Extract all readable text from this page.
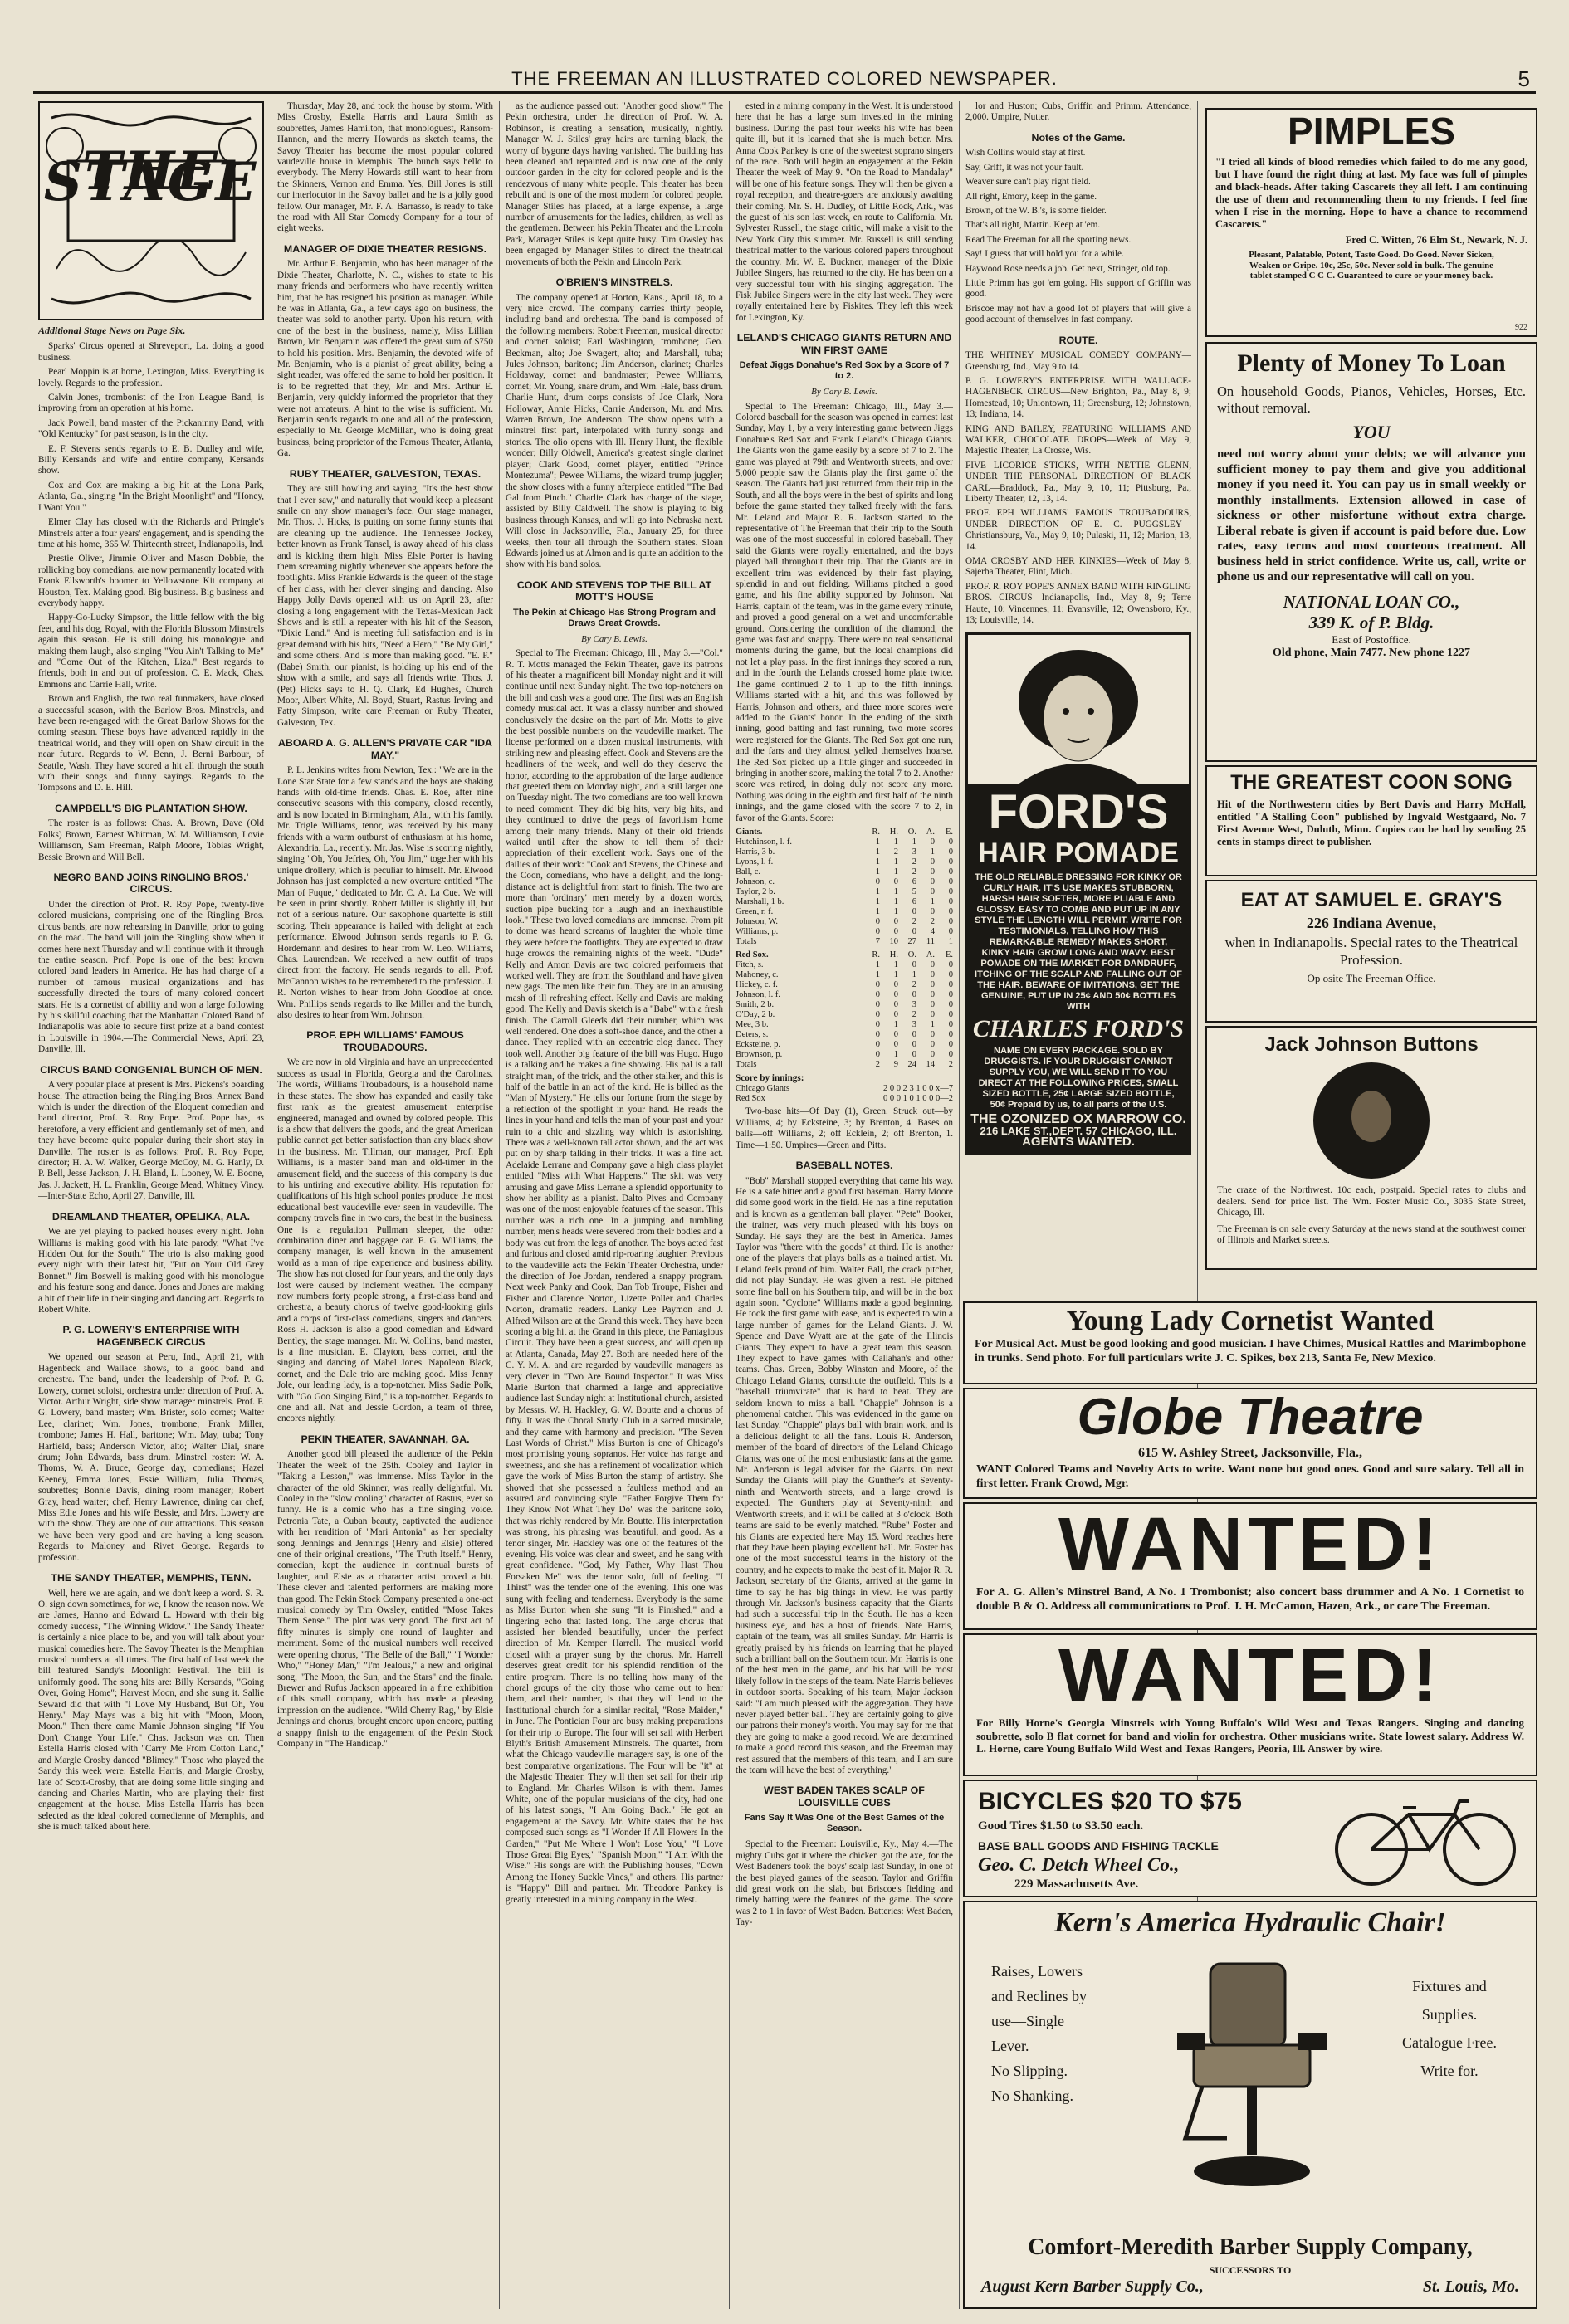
THE FREEMAN AN ILLUSTRATED COLORED NEWSPAPER.	5
THE STAGE
Additional Stage News on Page Six.

Sparks' Circus opened at Shreveport, La. doing a good business.

Pearl Moppin is at home, Lexington, Miss. Everything is lovely. Regards to the profession.

Calvin Jones, trombonist of the Iron League Band, is improving from an operation at his home.

Jack Powell, band master of the Pickaninny Band, with "Old Kentucky" for past season, is in the city.

E. F. Stevens sends regards to E. B. Dudley and wife, Billy Kersands and wife and entire company, Kersands show.

Cox and Cox are making a big hit at the Lona Park, Atlanta, Ga., singing "In the Bright Moonlight" and "Honey, I Want You."

Elmer Clay has closed with the Richards and Pringle's Minstrels after a four years' engagement, and is spending the time at his home, 365 W. Thirteenth street, Indianapolis, Ind.

Prestie Oliver, Jimmie Oliver and Mason Dobbie, the rollicking boy comedians, are now permanently located with Frank Ellsworth's boomer to Yellowstone Kit company at Houston, Tex. Making good. Big business. Big business and everybody happy.

Happy-Go-Lucky Simpson, the little fellow with the big feet, and his dog, Royal, with the Florida Blossom Minstrels again this season. He is still doing his monologue and making them laugh, also singing "You Ain't Talking to Me" and "Come Out of the Kitchen, Liza." Best regards to friends, both in and out of profession. C. E. Mack, Chas. Emmons and Carrie Hall, write.

Brown and English, the two real funmakers, have closed a successful season, with the Barlow Bros. Minstrels, and have been re-engaged with the Great Barlow Shows for the coming season. These boys have advanced rapidly in the theatrical world, and they will open on Shaw circuit in the near future. Regards to W. Benn, J. Berni Barbour, of Seattle, Wash. They have scored a hit all through the south with their songs and funny sayings. Regards to the Tompsons and D. E. Hill.

CAMPBELL'S BIG PLANTATION SHOW.

The roster is as follows: Chas. A. Brown, Dave (Old Folks) Brown, Earnest Whitman, W. M. Williamson, Lovie Williamson, Sam Freeman, Ralph Moore, Tobias Wright, Bessie Brown and Will Bell.

NEGRO BAND JOINS RINGLING BROS.' CIRCUS.

Under the direction of Prof. R. Roy Pope, twenty-five colored musicians, comprising one of the Ringling Bros. circus bands, are now rehearsing in Danville, prior to going on the road. The band will join the Ringling show when it comes here next Thursday and will continue with it through the entire season. Prof. Pope is one of the best known colored band leaders in America. He has had charge of a number of famous musical organizations and has successfully directed the tours of many colored concert stars. He is a cornetist of ability and won a large following by his skillful coaching that the Manhattan Colored Band of Indianapolis was able to secure first prize at a band contest in Louisville in 1904.—The Commercial News, April 23, Danville, Ill.

CIRCUS BAND CONGENIAL BUNCH OF MEN.

A very popular place at present is Mrs. Pickens's boarding house. The attraction being the Ringling Bros. Annex Band which is under the direction of the Eloquent comedian and band director, Prof. R. Roy Pope. Prof. Pope has, as heretofore, a very efficient and gentlemanly set of men, and they have become quite popular during their short stay in Danville. The roster is as follows: Prof. R. Roy Pope, director; H. A. W. Walker, George McCoy, M. G. Hanly, D. P. Bell, Jesse Jackson, J. H. Bland, L. Looney, W. E. Boone, Jas. J. Jackett, H. L. Franklin, George Mead, Whitney Viney.—Inter-State Echo, April 27, Danville, Ill.

DREAMLAND THEATER, OPELIKA, ALA.

We are yet playing to packed houses every night. John Williams is making good with his late parody, "What I've Hidden Out for the South." The trio is also making good every night with their latest hit, "Put on Your Old Grey Bonnet." Jim Boswell is making good with his monologue and his feature song and dance. Jones and Jones are making a hit of their life in their singing and dancing act. Regards to Robert White.

P. G. LOWERY'S ENTERPRISE WITH HAGENBECK CIRCUS

We opened our season at Peru, Ind., April 21, with Hagenbeck and Wallace shows, to a good band and orchestra. The band, under the leadership of Prof. P. G. Lowery, cornet soloist, orchestra under direction of Prof. A. Victor. Arthur Wright, side show manager minstrels. Prof. P. G. Lowery, band master; Wm. Brister, solo cornet; Walter Lee, clarinet; Wm. Jones, trombone; Frank Miller, trombone; James H. Hall, baritone; Wm. May, tuba; Tony Harfield, bass; Anderson Victor, alto; Walter Dial, snare drum; John Edwards, bass drum. Minstrel roster: W. A. Thoms, W. A. Bruce, George day, comedians; Hazel Keeney, Emma Jones, Essie William, Julia Thomas, soubrettes; Bonnie Davis, dining room manager; Robert Gray, head waiter; chef, Henry Lawrence, dining car chef, Miss Edie Jones and his wife Bessie, and Mrs. Lowery are with the show. They are one of our attractions. This season we have been very good and are having a long season. Regards to Maloney and Rivet George. Regards to profession.

THE SANDY THEATER, MEMPHIS, TENN.

Well, here we are again, and we don't keep a word. S. R. O. sign down sometimes, for we, I know the reason now. We are James, Hanno and Edward L. Howard with their big comedy success, "The Winning Widow." The Sandy Theater is certainly a nice place to be, and you will talk about your musical comedies here. The Savoy Theater is the Memphian musical numbers at all times. The first half of last week the bill featured Sandy's Moonlight Festival. The bill is uniformly good. The song hits are: Billy Kersands, "Going Over, Going Home"; Harvest Moon, and she sung it. Sallie Seward did that with "I Love My Husband, But Oh, You Henry." May Mays was a big hit with "Moon, Moon, Moon." Then there came Mamie Johnson singing "If You Don't Change Your Life." Chas. Jackson was on. Then Estella Harris closed with "Carry Me From Cotton Land," and Margie Crosby danced "Blimey." Those who played the Sandy this week were: Estella Harris, and Margie Crosby, late of Scott-Crosby, that are doing some little singing and dancing and Charles Martin, who are playing their first engagement at the house. Miss Estella Harris has been selected as the ideal colored comedienne of Memphis, and she is much talked about here.

Thursday, May 28, and took the house by storm. With Miss Crosby, Estella Harris and Laura Smith as soubrettes, James Hamilton, that monologuest, Ransom-Hannon, and the merry Howards as sketch teams, the Savoy Theater has become the most popular colored vaudeville house in Memphis. The bunch says hello to everybody. The Merry Howards still want to hear from the Skinners, Vernon and Emma. Yes, Bill Jones is still our interlocutor in the Savoy ballet and he is a jolly good fellow. Our manager, Mr. F. A. Barrasso, is ready to take the road with All Star Comedy Company for a tour of eight weeks.

MANAGER OF DIXIE THEATER RESIGNS.

Mr. Arthur E. Benjamin, who has been manager of the Dixie Theater, Charlotte, N. C., wishes to state to his many friends and performers who have recently written him, that he has resigned his position as manager. While he was in Atlanta, Ga., a few days ago on business, the theater was sold to another party. Upon his return, with one of the best in the business, namely, Miss Lillian Brown, Mr. Benjamin was offered the great sum of $750 to hold his position. Mrs. Benjamin, the devoted wife of Mr. Benjamin, who is a pianist of great ability, being a sight reader, was offered the same to hold her position. It is to be regretted that they, Mr. and Mrs. Arthur E. Benjamin, very quickly informed the proprietor that they were not amateurs. A hint to the wise is sufficient. Mr. Benjamin sends regards to one and all of the profession, especially to Mr. George McMillan, who is doing great business, being proprietor of the Famous Theater, Atlanta, Ga.

RUBY THEATER, GALVESTON, TEXAS.

They are still howling and saying, "It's the best show that I ever saw," and naturally that would keep a pleasant smile on any show manager's face. Our stage manager, Mr. Thos. J. Hicks, is putting on some funny stunts that are cleaning up the audience. The Tennessee Jockey, better known as Frank Tansel, is away ahead of his class and is kicking them high. Miss Elsie Porter is having them screaming nightly whenever she appears before the footlights. Miss Frankie Edwards is the queen of the stage of her class, with her clever singing and dancing. Also Happy Jolly Davis opened with us on April 23, after closing a long engagement with the Texas-Mexican Jack Shows and is still a repeater with his hit of the Season, "Dixie Land." And is meeting full satisfaction and is in great demand with his hits, "Need a Hero," "Be My Girl," and some others. And is more than making good. "E. F." (Babe) Smith, our pianist, is holding up his end of the show with a smile, and says all friends write. Thos. J. (Pet) Hicks says to H. Q. Clark, Ed Hughes, Church Moor, Albert White, Al. Boyd, Stuart, Rastus Irving and Fatty Simpson, write care Freeman or Ruby Theater, Galveston, Tex.

ABOARD A. G. ALLEN'S PRIVATE CAR "IDA MAY."

P. L. Jenkins writes from Newton, Tex.: "We are in the Lone Star State for a few stands and the boys are shaking hands with old-time friends. Chas. E. Roe, after nine consecutive seasons with this company, closed recently, and is now located in Birmingham, Ala., with his family. Mr. Trigle Williams, tenor, was received by his many friends with a warm outburst of enthusiasm at his home, Alexandria, La., recently. Mr. Jas. Wise is scoring nightly, singing "Oh, You Jefries, Oh, You Jim," together with his unique drollery, which is peculiar to himself. Mr. Elwood Johnson has just completed a new overture entitled "The Man of Fuque," dedicated to Mr. C. A. La Cue. We will be seen in print shortly. Robert Miller is slightly ill, but not of a serious nature. Our saxophone quartette is still scoring. Their appearance is hailed with delight at each performance. Elwood Johnson sends regards to P. G. Hordemann and desires to hear from W. Leo. Williams, Chas. Laurendean. We received a new outfit of traps direct from the factory. He sends regards to all. Prof. McCannon wishes to be remembered to the profession. J. R. Norton wishes to hear from John Goodloe at once. Wm. Phillips sends regards to Ike Miller and the bunch, also desires to hear from Wm. Johnson.

PROF. EPH WILLIAMS' FAMOUS TROUBADOURS.

We are now in old Virginia and have an unprecedented success as usual in Florida, Georgia and the Carolinas. The words, Williams Troubadours, is a household name in these states. The show has expanded and easily take first rank as the greatest amusement enterprise engineered, managed and owned by colored people. This is a show that delivers the goods, and the great American public cannot get better satisfaction than any black show in the business. Mr. Tillman, our manager, Prof. Eph Williams, is a master band man and old-timer in the amusement field, and the success of this company is due to his untiring and executive ability. His reputation for qualifications of his high school ponies produce the most educational best vaudeville ever seen in vaudeville. The company travels fine in two cars, the best in the business. One is a regulation Pullman sleeper, the other combination diner and baggage car. E. G. Williams, the company manager, is well known in the amusement world as a man of ripe experience and business ability. The show has not closed for four years, and the only days lost were caused by inclement weather. The company now numbers forty people strong, a first-class band and orchestra, a beauty chorus of twelve good-looking girls and a corps of first-class comedians, singers and dancers. Ross H. Jackson is also a good comedian and Edward Bentley, the stage manager. Mr. W. Collins, band master, is a fine musician. E. Clayton, bass cornet, and the singing and dancing of Mabel Jones. Napoleon Black, cornet, and the Dale trio are making good. Miss Jenny Jole, our leading lady, is a top-notcher. Miss Sadie Polk, with "Go Goo Singing Bird," is a top-notcher. Regards to one and all. Nat and Jessie Gordon, a team of three, encores nightly.

PEKIN THEATER, SAVANNAH, GA.

Another good bill pleased the audience of the Pekin Theater the week of the 25th. Cooley and Taylor in "Taking a Lesson," was immense. Miss Taylor in the character of the old Skinner, was really delightful. Mr. Cooley in the "slow cooling" character of Rastus, ever so funny. He is a comic who has a fine singing voice. Petronia Tate, a Cuban beauty, captivated the audience with her rendition of "Mari Antonia" as her specialty song. Jennings and Jennings (Henry and Elsie) offered one of their original creations, "The Truth Itself." Henry, comedian, kept the audience in continual bursts of laughter, and Elsie as a character artist proved a hit. These clever and talented performers are making more than good. The Pekin Stock Company presented a one-act musical comedy by Tim Owsley, entitled "Mose Takes Them Sense." The plot was very good. The first act of fifty minutes is simply one round of laughter and merriment. Some of the musical numbers well received were opening chorus, "The Belle of the Ball," "I Wonder Who," "Honey Man," "I'm Jealous," a new and original song, "The Moon, the Sun, and the Stars" and the finale. Brewer and Rufus Jackson appeared in a fine exhibition of this small company, which has made a pleasing impression on the audience. "Wild Cherry Rag," by Elsie Jennings and chorus, brought encore upon encore, putting a snappy finish to the engagement of the Pekin Stock Company in "The Handicap."

as the audience passed out: "Another good show." The Pekin orchestra, under the direction of Prof. W. A. Robinson, is creating a sensation, musically, nightly. Manager W. J. Stiles' gray hairs are turning black, the worry of bygone days having vanished. The building has been cleaned and repainted and is now one of the only outdoor garden in the city for colored people and is the rendezvous of many white people. This theater has been rebuilt and is one of the most modern for colored people. Manager Stiles has placed, at a large expense, a large number of amusements for the ladies, children, as well as the gentlemen. Between his Pekin Theater and the Lincoln Park, Manager Stiles is kept quite busy. Tim Owsley has been engaged by Manager Stiles to direct the theatrical movements of both the Pekin and Lincoln Park.

O'BRIEN'S MINSTRELS.

The company opened at Horton, Kans., April 18, to a very nice crowd. The company carries thirty people, including band and orchestra. The band is composed of the following members: Robert Freeman, musical director and cornet soloist; Earl Washington, trombone; Geo. Beckman, alto; Joe Swagert, alto; and Marshall, tuba; Jules Johnson, baritone; Jim Anderson, clarinet; Charles Holdaway, cornet and bandmaster; Pewee Williams, cornet; Mr. Young, snare drum, and Wm. Hale, bass drum. Charlie Hunt, drum corps consists of Joe Clark, Nora Holloway, Annie Hicks, Carrie Anderson, Mr. and Mrs. Warren Brown, Joe Anderson. The show opens with a minstrel first part, interpolated with funny songs and stories. The olio opens with Ill. Henry Hunt, the flexible wonder; Billy Oldwell, America's greatest single clarinet player; Clark Good, cornet player, entitled "Prince Montezuma"; Pewee Williams, the wizard trump juggler; the show closes with a funny afterpiece entitled "The Bad Gal from Pinch." Charlie Clark has charge of the stage, assisted by Billy Caldwell. The show is playing to big business through Kansas, and will go into Nebraska next. Will close in Jacksonville, Fla., January 25, for three weeks, then tour all through the Southern states. Sloan Edwards joined us at Almon and is quite an addition to the show with his band solos.

COOK AND STEVENS TOP THE BILL AT MOTT'S HOUSE
The Pekin at Chicago Has Strong Program and Draws Great Crowds.
By Cary B. Lewis.

Special to The Freeman: Chicago, Ill., May 3.—"Col." R. T. Motts managed the Pekin Theater, gave its patrons of his theater a magnificent bill Monday night and it will continue until next Sunday night. The two top-notchers on the bill and cash was a good one. The first was an English comedy musical act. It was a classy number and showed conclusively the desire on the part of Mr. Motts to give the best possible numbers on the vaudeville market. The license performed on a dozen musical instruments, with striking new and pleasing effect. Cook and Stevens are the headliners of the week, and well do they deserve the honor, according to the approbation of the large audience that greeted them on Monday night, and a still larger one on Tuesday night. The two comedians are too well known to need comment. They did big hits, very big hits, and they continued to drive the pegs of favoritism home among their many friends. Many of their old friends waited until after the show to tell them of their appreciation of their excellent work. Says one of the dailies of their work: "Cook and Stevens, the Chinese and the Coon, comedians, who have a delight, and the long-distance act is delightful from start to finish. The two are more than 'ordinary' men merely by a dozen words, suction pipe bucking for a laugh and an inexhaustible look." These two loved comedians are immense. From pit to dome was heard screams of laughter the whole time they were before the footlights. They are expected to draw huge crowds the remaining nights of the week. "Dude" Kelly and Amon Davis are two colored performers that worked well. They are from the Southland and have given new gags. The men like their fun. They are in an amusing mash of ill refreshing effect. Kelly and Davis are making good. The Kelly and Davis sketch is a "Babe" with a fresh finish. The Carroll Gleeds did their number, which was well rendered. One does a soft-shoe dance, and the other a dance. They replied with an eccentric clog dance. They took well. Another big feature of the bill was Hugo. Hugo is a talking and he makes a fine showing. His pal is a tall straight man, of the trick, and the other stalker, and this is half of the battle in an act of the kind. He is billed as the "Man of Mystery." He tells our fortune from the stage by a reflection of the spotlight in your hand. He reads the lines in your hand and tells the man of your past and your ruin to a chic and sizzling way which is astonishing. There was a well-known tall actor shown, and the act was put on by sharp talking in their tricks. It was a fine act. Adelaide Lerrane and Company gave a high class playlet entitled "Miss with What Happens." The skit was very amusing and gave Miss Lerrane a splendid opportunity to show her ability as a pianist. Dalto Pives and Company was one of the most enjoyable features of the season. This number was a rich one. In a jumping and tumbling number, men's heads were severed from their bodies and a body was cut from the legs of another. The boys acted fast and furious and closed amid rip-roaring laughter. Previous to the vaudeville acts the Pekin Theater Orchestra, under the direction of Joe Jordan, rendered a snappy program. Next week Panky and Cook, Dan Tob Troupe, Fisher and Fisher and Clarence Norton, Lizette Poller and Charles Norton, dramatic readers. Lanky Lee Paymon and J. Alfred Wilson are at the Grand this week. They have been scoring a big hit at the Grand in this piece, the Pantagious Circuit. They have been a great success, and will open up at Atlanta, Canada, May 27. Both are needed here of the C. Y. M. A. and are regarded by vaudeville managers as very clever in "Two Are Bound Inspector." It was Miss Marie Burton that charmed a large and appreciative audience last Sunday night at Institutional church, assisted by Messrs. W. H. Hackley, G. W. Boutte and a chorus of fifty. It was the Choral Study Club in a sacred musicale, and they came with harmony and precision. "The Seven Last Words of Christ." Miss Burton is one of Chicago's most promising young sopranos. Her voice has range and sweetness, and she has a refinement of vocalization which gave the work of Miss Burton the stamp of artistry. She showed that she possessed a faultless method and an assured and convincing style. "Father Forgive Them for They Know Not What They Do" was the baritone solo, that was richly rendered by Mr. Boutte. His interpretation was strong, his phrasing was beautiful, and good. As a tenor singer, Mr. Hackley was one of the features of the evening. His voice was clear and sweet, and he sang with great confidence. "God, My Father, Why Hast Thou Forsaken Me" was the tenor solo, full of feeling. "I Thirst" was the tender one of the evening. This one was sung with feeling and tenderness. Everybody is the same as Miss Burton when she sung "It is Finished," and a lingering echo that lasted long. The large chorus that assisted her blended beautifully, under the perfect direction of Mr. Kemper Harrell. The musical world closed with a prayer sung by the chorus. Mr. Harrell deserves great credit for his splendid rendition of the entire program. There is no telling how many of the choral groups of the city those who came out to hear them, and their number, is that they will lend to the Institutional church for a similar recital, "Rose Maiden," in June. The Pontician Four are busy making preparations for their trip to Europe. The four will set sail with Herbert Blyth's British Amusement Minstrels. The quartet, from what the Chicago vaudeville managers say, is one of the best comparative organizations. The Four will be "it" at the Majestic Theater. They will then set sail for their trip to England. Mr. Charles Wilson is with them. James White, one of the popular musicians of the city, had one of his latest songs, "I Am Going Back." He got an engagement at the Savoy. Mr. White states that he has composed such songs as "I Wonder If All Flowers In the Garden," "Put Me Where I Won't Lose You," "I Love Those Great Big Eyes," "Spanish Moon," "I Am With the Wise." His songs are with the Publishing houses, "Down Among the Honey Suckle Vines," and others. His partner is "Happy" Bill and partner. Mr. Theodore Pankey is greatly interested in a mining company in the West.

ested in a mining company in the West. It is understood here that he has a large sum invested in the mining business. During the past four weeks his wife has been quite ill, but it is learned that she is much better. Mrs. Anna Cook Pankey is one of the sweetest soprano singers of the race. Both will begin an engagement at the Pekin Theater the week of May 9. "On the Road to Mandalay" will be one of his feature songs. They will then be given a royal reception, and theatre-goers are anxiously awaiting their coming. Mr. S. H. Dudley, of Little Rock, Ark., was the guest of his son last week, en route to California. Mr. Sylvester Russell, the stage critic, will make a visit to the New York City this summer. Mr. Russell is still sending theatrical matter to the various colored papers throughout the country. Mr. W. E. Buckner, manager of the Dixie Jubilee Singers, has returned to the city. He has been on a very successful tour with his singing aggregation. The Fisk Jubilee Singers were in the city last week. They were royally entertained here by Fiskites. They left this week for Lexington, Ky.

LELAND'S CHICAGO GIANTS RETURN AND WIN FIRST GAME
Defeat Jiggs Donahue's Red Sox by a Score of 7 to 2.
By Cary B. Lewis.

Special to The Freeman: Chicago, Ill., May 3.—Colored baseball for the season was opened in earnest last Sunday, May 1, by a very interesting game between Jiggs Donahue's Red Sox and Frank Leland's Chicago Giants. The Giants won the game easily by a score of 7 to 2. The game was played at 79th and Wentworth streets, and over 5,000 people saw the Giants play the first game of the season. The Giants had just returned from their trip in the South, and all the boys were in the best of spirits and long before the game started they talked freely with the fans. Mr. Leland and Major R. R. Jackson started to the representative of The Freeman that their trip to the South was one of the most successful in colored baseball. They said the Giants were royally entertained, and the boys played ball throughout their trip. That the Giants are in excellent trim was evidenced by their fast playing, splendid in and out fielding. Williams pitched a good game, and his fine ability supported by Johnson. Nat Harris, captain of the team, was in the game every minute, and proved a good general on a wet and uncomfortable ground. Considering the condition of the diamond, the game was fast and snappy. There were no real sensational moments during the game, but the local champions did not let a play pass. In the first innings they scored a run, and in the fourth the Lelands crossed home plate twice. The game continued 2 to 1 up to the fifth innings. Williams started with a hit, and this was followed by Harris, Johnson and others, and three more scores were added to the Giants' honor. In the ending of the sixth inning, good batting and fast running, two more scores were registered for the Giants. The Red Sox got one run, and the fans and they almost yelled themselves hoarse. The Red Sox picked up a little ginger and succeeded in bringing in another score, making the total 7 to 2. Another score was retired, in doing duly not score any more. Nothing was doing in the eighth and first half of the ninth innings, and the game closed with the score 7 to 2, in favor of the Giants. Score:

Giants.	R.	H.	O.	A.	E.
Hutchinson, l. f.	1	1	1	0	0
Harris, 3 b.	1	2	3	1	0
Lyons, l. f.	1	1	2	0	0
Ball, c.	1	1	2	0	0
Johnson, c.	0	0	6	0	0
Taylor, 2 b.	1	1	5	0	0
Marshall, 1 b.	1	1	6	1	0
Green, r. f.	1	1	0	0	0
Johnson, W.	0	0	2	2	0
Williams, p.	0	0	0	4	0
Totals	7	10	27	11	1
Red Sox.	R.	H.	O.	A.	E.
Fitch, s.	1	1	0	0	0
Mahoney, c.	1	1	1	0	0
Hickey, c. f.	0	0	2	0	0
Johnson, l. f.	0	0	0	0	0
Smith, 2 b.	0	0	3	0	0
O'Day, 2 b.	0	0	2	0	0
Mee, 3 b.	0	1	3	1	0
Deters, s.	0	0	0	0	0
Ecksteine, p.	0	0	0	0	0
Brownson, p.	0	1	0	0	0
Totals	2	9	24	14	2
Score by innings:
Chicago Giants	2 0 0 2 3 1 0 0 x—7
Red Sox	0 0 0 1 0 1 0 0 0—2

Two-base hits—Of Day (1), Green. Struck out—by Williams, 4; by Ecksteine, 3; by Brenton, 4. Bases on balls—off Williams, 2; off Ecklein, 2; off Brenton, 1. Time—1:50. Umpires—Green and Pitts.

BASEBALL NOTES.

"Bob" Marshall stopped everything that came his way. He is a safe hitter and a good first baseman. Harry Moore did some good work in the field. He has a fine reputation and is known as a gentleman ball player. "Pete" Booker, the trainer, was very much pleased with his boys on Sunday. He says they are the best in America. James Taylor was "there with the goods" at third. He is another one of the players that plays balls as a trained artist. Mr. Leland feels proud of him. Walter Ball, the crack pitcher, did not play Sunday. He was given a rest. He pitched some fine ball on his Southern trip, and will be in the box again soon. "Cyclone" Williams made a good beginning. He took the first game with ease, and is expected to win a large number of games for the Leland Giants. J. W. Spence and Dave Wyatt are at the gate of the Illinois Giants. They expect to have a great team this season. They expect to have games with Callahan's and other teams. Chas. Green, Bobby Winston and Moore, of the Chicago Leland Giants, constitute the outfield. This is a "baseball triumvirate" that is hard to beat. They are seldom known to miss a ball. "Chappie" Johnson is a phenomenal catcher. This was evidenced in the game on last Sunday. "Chappie" plays ball with brain work, and is a delicious delight to all the fans. Louis R. Anderson, member of the board of directors of the Leland Chicago Giants, was one of the most enthusiastic fans at the game. Mr. Anderson is legal adviser for the Giants. On next Sunday the Giants will play the Gunther's at Seventy-ninth and Wentworth streets, and a large crowd is expected. The Gunthers play at Seventy-ninth and Wentworth streets, and it will be called at 3 o'clock. Both teams are said to be evenly matched. "Rube" Foster and his Giants are expected here May 15. Word reaches here that they have been playing excellent ball. Mr. Foster has one of the most successful teams in the history of the country, and he expects to make the best of it. Major R. R. Jackson, secretary of the Giants, arrived at the game in time to say he has big things in view. He was partly through Mr. Jackson's business capacity that the Giants had such a successful trip in the South. He has a keen business eye, and has a host of friends. Nate Harris, captain of the team, was all smiles Sunday. Mr. Harris is greatly praised by his friends on learning that he played such a brilliant ball on the Southern tour. Mr. Harris is one of the best men in the game, and his bat will be most likely follow in the steps of the team. Nate Harris believes in outdoor sports. Speaking of his team, Major Jackson said: "I am much pleased with the aggregation. They have never played better ball. They are certainly going to give our patrons their money's worth. You may say for me that they are going to make a good record. We are determined to make a good record this season, and the Freeman may rest assured that the members of this team, and I am sure the team will have the best of everything."

WEST BADEN TAKES SCALP OF LOUISVILLE CUBS
Fans Say It Was One of the Best Games of the Season.

Special to the Freeman: Louisville, Ky., May 4.—The mighty Cubs got it where the chicken got the axe, for the West Badeners took the boys' scalp last Sunday, in one of the best played games of the season. Taylor and Griffin did great work on the slab, but Briscoe's fielding and timely batting were the features of the game. The score was 2 to 1 in favor of West Baden. Batteries: West Baden, Tay-

lor and Huston; Cubs, Griffin and Primm. Attendance, 2,000. Umpire, Nutter.

Notes of the Game.

Wish Collins would stay at first.

Say, Griff, it was not your fault.

Weaver sure can't play right field.

All right, Emory, keep in the game.

Brown, of the W. B.'s, is some fielder.

That's all right, Martin. Keep at 'em.

Read The Freeman for all the sporting news.

Say! I guess that will hold you for a while.

Haywood Rose needs a job. Get next, Stringer, old top.

Little Primm has got 'em going. His support of Griffin was good.

Briscoe may not hav a good lot of players that will give a good account of themselves in fast company.

ROUTE.

THE WHITNEY MUSICAL COMEDY COMPANY—Greensburg, Ind., May 9 to 14.

P. G. LOWERY'S ENTERPRISE WITH WALLACE-HAGENBECK CIRCUS—New Brighton, Pa., May 8, 9; Homestead, 10; Uniontown, 11; Greensburg, 12; Johnstown, 13; Indiana, 14.

KING AND BAILEY, FEATURING WILLIAMS AND WALKER, CHOCOLATE DROPS—Week of May 9, Majestic Theater, La Crosse, Wis.

FIVE LICORICE STICKS, WITH NETTIE GLENN, UNDER THE PERSONAL DIRECTION OF BLACK CARL—Braddock, Pa., May 9, 10, 11; Pittsburg, Pa., Liberty Theater, 12, 13, 14.

PROF. EPH WILLIAMS' FAMOUS TROUBADOURS, UNDER DIRECTION OF E. C. PUGGSLEY—Christiansburg, Va., May 9, 10; Pulaski, 11, 12; Marion, 13, 14.

OMA CROSBY AND HER KINKIES—Week of May 8, Sajerba Theater, Flint, Mich.

PROF. R. ROY POPE'S ANNEX BAND WITH RINGLING BROS. CIRCUS—Indianapolis, Ind., May 8, 9; Terre Haute, 10; Vincennes, 11; Evansville, 12; Owensboro, Ky., 13; Louisville, 14.

FORD'S
HAIR POMADE
THE OLD RELIABLE DRESSING FOR KINKY OR CURLY HAIR. IT'S USE MAKES STUBBORN, HARSH HAIR SOFTER, MORE PLIABLE AND GLOSSY. EASY TO COMB AND PUT UP IN ANY STYLE THE LENGTH WILL PERMIT. WRITE FOR TESTIMONIALS, TELLING HOW THIS REMARKABLE REMEDY MAKES SHORT, KINKY HAIR GROW LONG AND WAVY. BEST POMADE ON THE MARKET FOR DANDRUFF, ITCHING OF THE SCALP AND FALLING OUT OF THE HAIR. BEWARE OF IMITATIONS, GET THE GENUINE, PUT UP IN 25¢ AND 50¢ BOTTLES WITH
CHARLES FORD'S
NAME ON EVERY PACKAGE. SOLD BY DRUGGISTS. IF YOUR DRUGGIST CANNOT SUPPLY YOU, WE WILL SEND IT TO YOU DIRECT AT THE FOLLOWING PRICES, SMALL SIZED BOTTLE, 25¢ LARGE SIZED BOTTLE, 50¢ Prepaid by us, to all parts of the U.S.
THE OZONIZED OX MARROW CO.
216 LAKE ST.,DEPT. 57 CHICAGO, ILL.
AGENTS WANTED.
PIMPLES
"I tried all kinds of blood remedies which failed to do me any good, but I have found the right thing at last. My face was full of pimples and black-heads. After taking Cascarets they all left. I am continuing the use of them and recommending them to my friends. I feel fine when I rise in the morning. Hope to have a chance to recommend Cascarets."
Fred C. Witten, 76 Elm St., Newark, N. J.
Pleasant, Palatable, Potent, Taste Good. Do Good. Never Sicken, Weaken or Gripe. 10c, 25c, 50c. Never sold in bulk. The genuine tablet stamped C C C. Guaranteed to cure or your money back.
922
Plenty of Money To Loan
On household Goods, Pianos, Vehicles, Horses, Etc. without removal.
YOU
need not worry about your debts; we will advance you sufficient money to pay them and give you additional money if you need it. You can pay us in small weekly or monthly installments. Extension allowed in case of sickness or other misfortune without extra charge. Liberal rebate is given if account is paid before due. Low rates, easy terms and most courteous treatment. All business held in strict confidence. Write us, call, write or phone us and our representative will call on you.
NATIONAL LOAN CO.,
339 K. of P. Bldg.
East of Postoffice.
Old phone, Main 7477. New phone 1227
THE GREATEST COON SONG
Hit of the Northwestern cities by Bert Davis and Harry McHall, entitled "A Stalling Coon" published by Ingvald Westgaard, No. 7 First Avenue West, Duluth, Minn. Copies can be had by sending 25 cents in stamps direct to publisher.
EAT AT SAMUEL E. GRAY'S
226 Indiana Avenue,
when in Indianapolis. Special rates to the Theatrical Profession.
Op osite The Freeman Office.
Jack Johnson Buttons
The craze of the Northwest. 10c each, postpaid. Special rates to clubs and dealers. Send for price list. The Wm. Foster Music Co., 3035 State Street, Chicago, Ill.
The Freeman is on sale every Saturday at the news stand at the southwest corner of Illinois and Market streets.
Young Lady Cornetist Wanted
For Musical Act. Must be good looking and good musician. I have Chimes, Musical Rattles and Marimbophone in trunks. Send photo. For full particulars write J. C. Spikes, box 213, Santa Fe, New Mexico.
Globe Theatre
615 W. Ashley Street, Jacksonville, Fla.,
WANT Colored Teams and Novelty Acts to write. Want none but good ones. Good and sure salary. Tell all in first letter. Frank Crowd, Mgr.
WANTED!
For A. G. Allen's Minstrel Band, A No. 1 Trombonist; also concert bass drummer and A No. 1 Cornetist to double B & O. Address all communications to Prof. J. H. McCamon, Hazen, Ark., or care The Freeman.
WANTED!
For Billy Horne's Georgia Minstrels with Young Buffalo's Wild West and Texas Rangers. Singing and dancing soubrette, solo B flat cornet for band and violin for orchestra. Other musicians write. State lowest salary. Address W. L. Horne, care Young Buffalo Wild West and Texas Rangers, Peoria, Ill. Answer by wire.
BICYCLES $20 TO $75
Good Tires $1.50 to $3.50 each.
BASE BALL GOODS AND FISHING TACKLE
Geo. C. Detch Wheel Co.,
229 Massachusetts Ave.
Kern's America Hydraulic Chair!

Raises, Lowers

and Reclines by

use—Single

Lever.

No Slipping.

No Shanking.

Fixtures and

Supplies.

Catalogue Free.

Write for.

Comfort-Meredith Barber Supply Company,
SUCCESSORS TO
August Kern Barber Supply Co.,	St. Louis, Mo.
